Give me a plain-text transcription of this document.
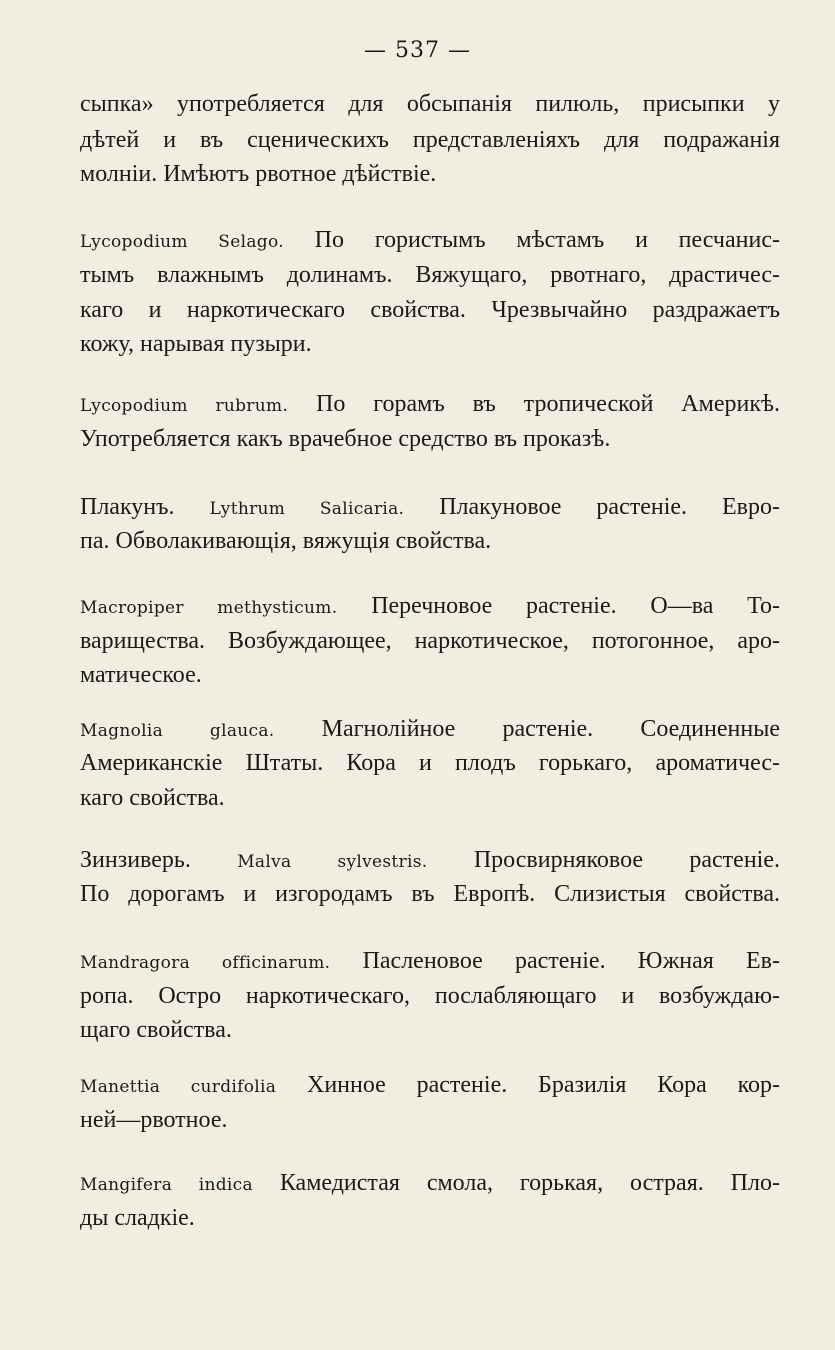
— 537 —
сыпка» употребляется для обсыпанія пилюль, присыпки у
дѣтей и въ сценическихъ представленіяхъ для подражанія
молніи. Имѣютъ рвотное дѣйствіе.
Lycopodium Selago. По гористымъ мѣстамъ и песчанис-
тымъ влажнымъ долинамъ. Вяжущаго, рвотнаго, драстичес-
каго и наркотическаго свойства. Чрезвычайно раздражаетъ
кожу, нарывая пузыри.
Lycopodium rubrum. По горамъ въ тропической Америкѣ.
Употребляется какъ врачебное средство въ проказѣ.
Плакунъ. Lythrum Salicaria. Плакуновое растеніе. Евро-
па. Обволакивающія, вяжущія свойства.
Macropiper methysticum. Перечновое растеніе. О—ва То-
варищества. Возбуждающее, наркотическое, потогонное, аро-
матическое.
Magnolia glauca. Магнолійное растеніе. Соединенные
Американскіе Штаты. Кора и плодъ горькаго, ароматичес-
каго свойства.
Зинзиверь. Malva sylvestris. Просвирняковое растеніе.
По дорогамъ и изгородамъ въ Европѣ. Слизистыя свойства.
Mandragora officinarum. Пасленовое растеніе. Южная Ев-
ропа. Остро наркотическаго, послабляющаго и возбуждаю-
щаго свойства.
Manettia curdifolia Хинное растеніе. Бразилія Кора кор-
ней—рвотное.
Mangifera indica Камедистая смола, горькая, острая. Пло-
ды сладкіе.
